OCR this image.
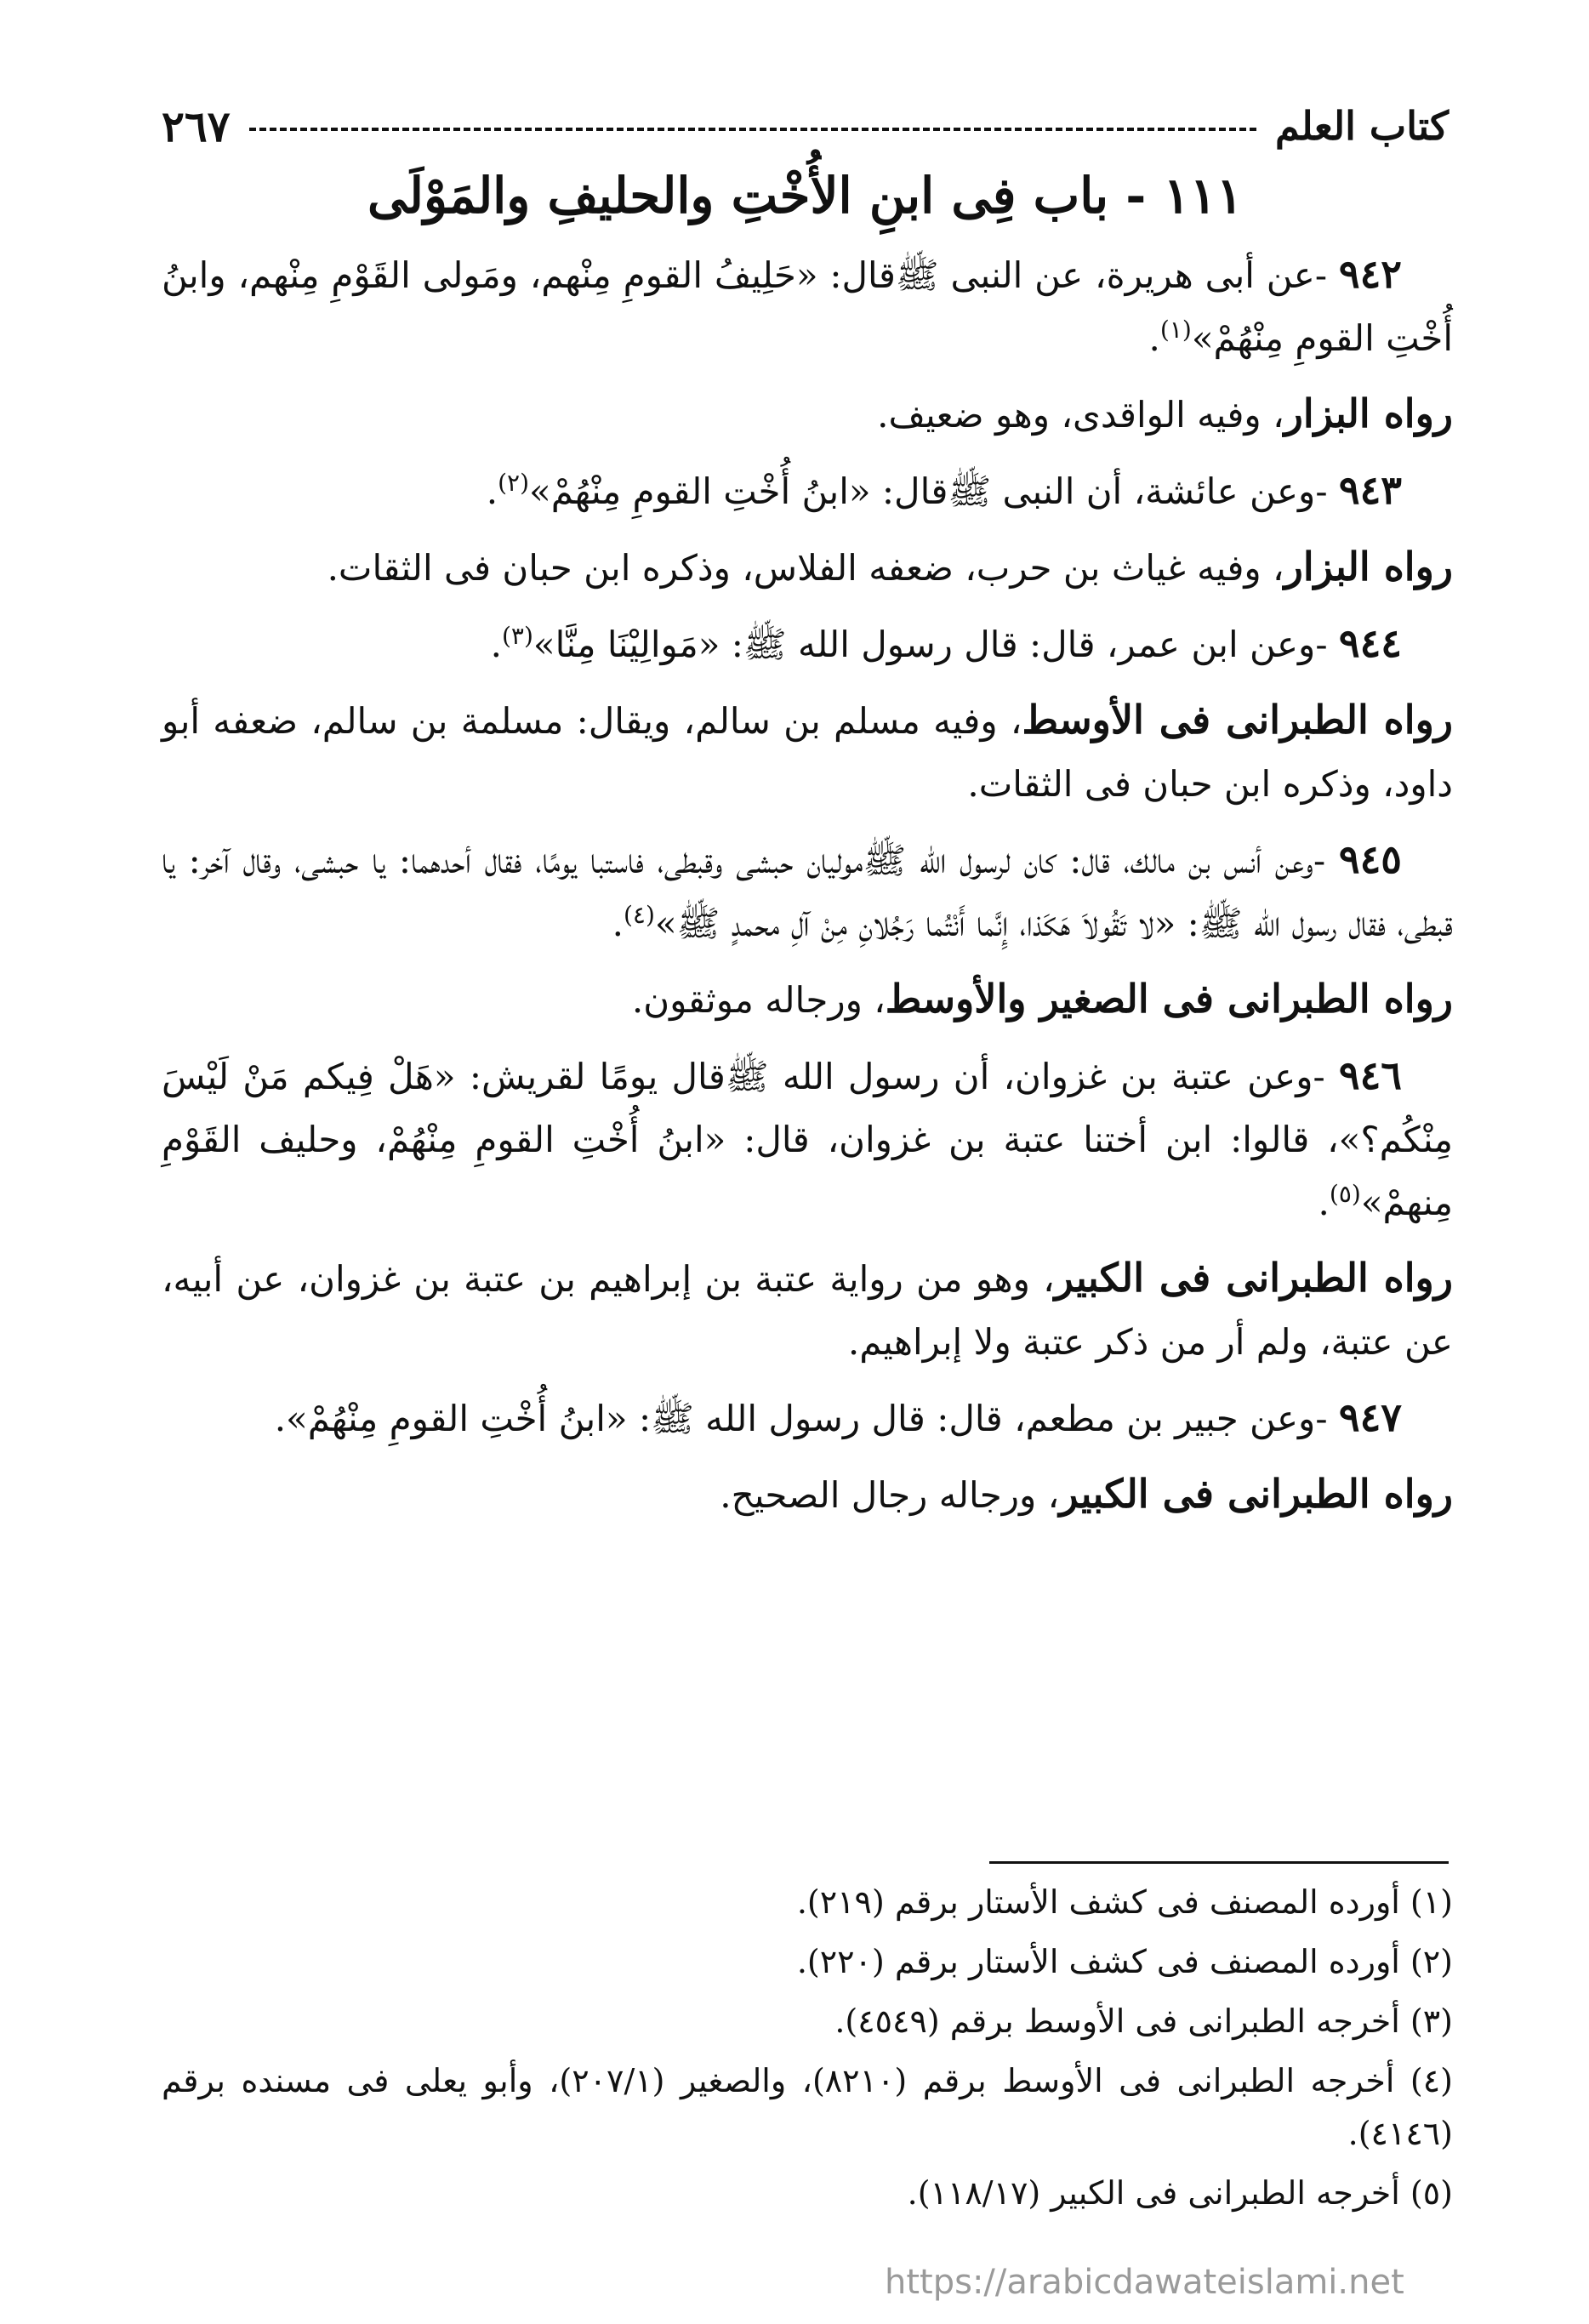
كتاب العلم
٢٦٧
١١١ - باب فِى ابنِ الأُخْتِ والحليفِ والمَوْلَى

٩٤٢ -عن أبى هريرة، عن النبى ﷺقال: «حَلِيفُ القومِ مِنْهم، ومَولى القَوْمِ مِنْهم، وابنُ أُخْتِ القومِ مِنْهُمْ»$^{(١)}$.

رواه البزار، وفيه الواقدى، وهو ضعيف.

٩٤٣ -وعن عائشة، أن النبى ﷺقال: «ابنُ أُخْتِ القومِ مِنْهُمْ»$^{(٢)}$.

رواه البزار، وفيه غياث بن حرب، ضعفه الفلاس، وذكره ابن حبان فى الثقات.

٩٤٤ -وعن ابن عمر، قال: قال رسول الله ﷺ: «مَوالِيْنَا مِنَّا»$^{(٣)}$.

رواه الطبرانى فى الأوسط، وفيه مسلم بن سالم، ويقال: مسلمة بن سالم، ضعفه أبو داود، وذكره ابن حبان فى الثقات.

٩٤٥ -وعن أنس بن مالك، قال: كان لرسول الله ﷺموليان حبشى وقبطى، فاستبا يومًا، فقال أحدهما: يا حبشى، وقال آخر: يا قبطى، فقال رسول الله ﷺ: «لا تَقُولاَ هَكَذا، إِنَّما أَنْتُما رَجُلانِ مِنْ آلِ محمدٍ ﷺ»$^{(٤)}$.

رواه الطبرانى فى الصغير والأوسط، ورجاله موثقون.

٩٤٦ -وعن عتبة بن غزوان، أن رسول الله ﷺقال يومًا لقريش: «هَلْ فِيكم مَنْ لَيْسَ مِنْكُم؟»، قالوا: ابن أختنا عتبة بن غزوان، قال: «ابنُ أُخْتِ القومِ مِنْهُمْ، وحليف القَوْمِ مِنهمْ»$^{(٥)}$.

رواه الطبرانى فى الكبير، وهو من رواية عتبة بن إبراهيم بن عتبة بن غزوان، عن أبيه، عن عتبة، ولم أر من ذكر عتبة ولا إبراهيم.

٩٤٧ -وعن جبير بن مطعم، قال: قال رسول الله ﷺ: «ابنُ أُخْتِ القومِ مِنْهُمْ».

رواه الطبرانى فى الكبير، ورجاله رجال الصحيح.

(١) أورده المصنف فى كشف الأستار برقم (٢١٩).

(٢) أورده المصنف فى كشف الأستار برقم (٢٢٠).

(٣) أخرجه الطبرانى فى الأوسط برقم (٤٥٤٩).

(٤) أخرجه الطبرانى فى الأوسط برقم (٨٢١٠)، والصغير (٢٠٧/١)، وأبو يعلى فى مسنده برقم (٤١٤٦).

(٥) أخرجه الطبرانى فى الكبير (١١٨/١٧).

https://arabicdawateislami.net
